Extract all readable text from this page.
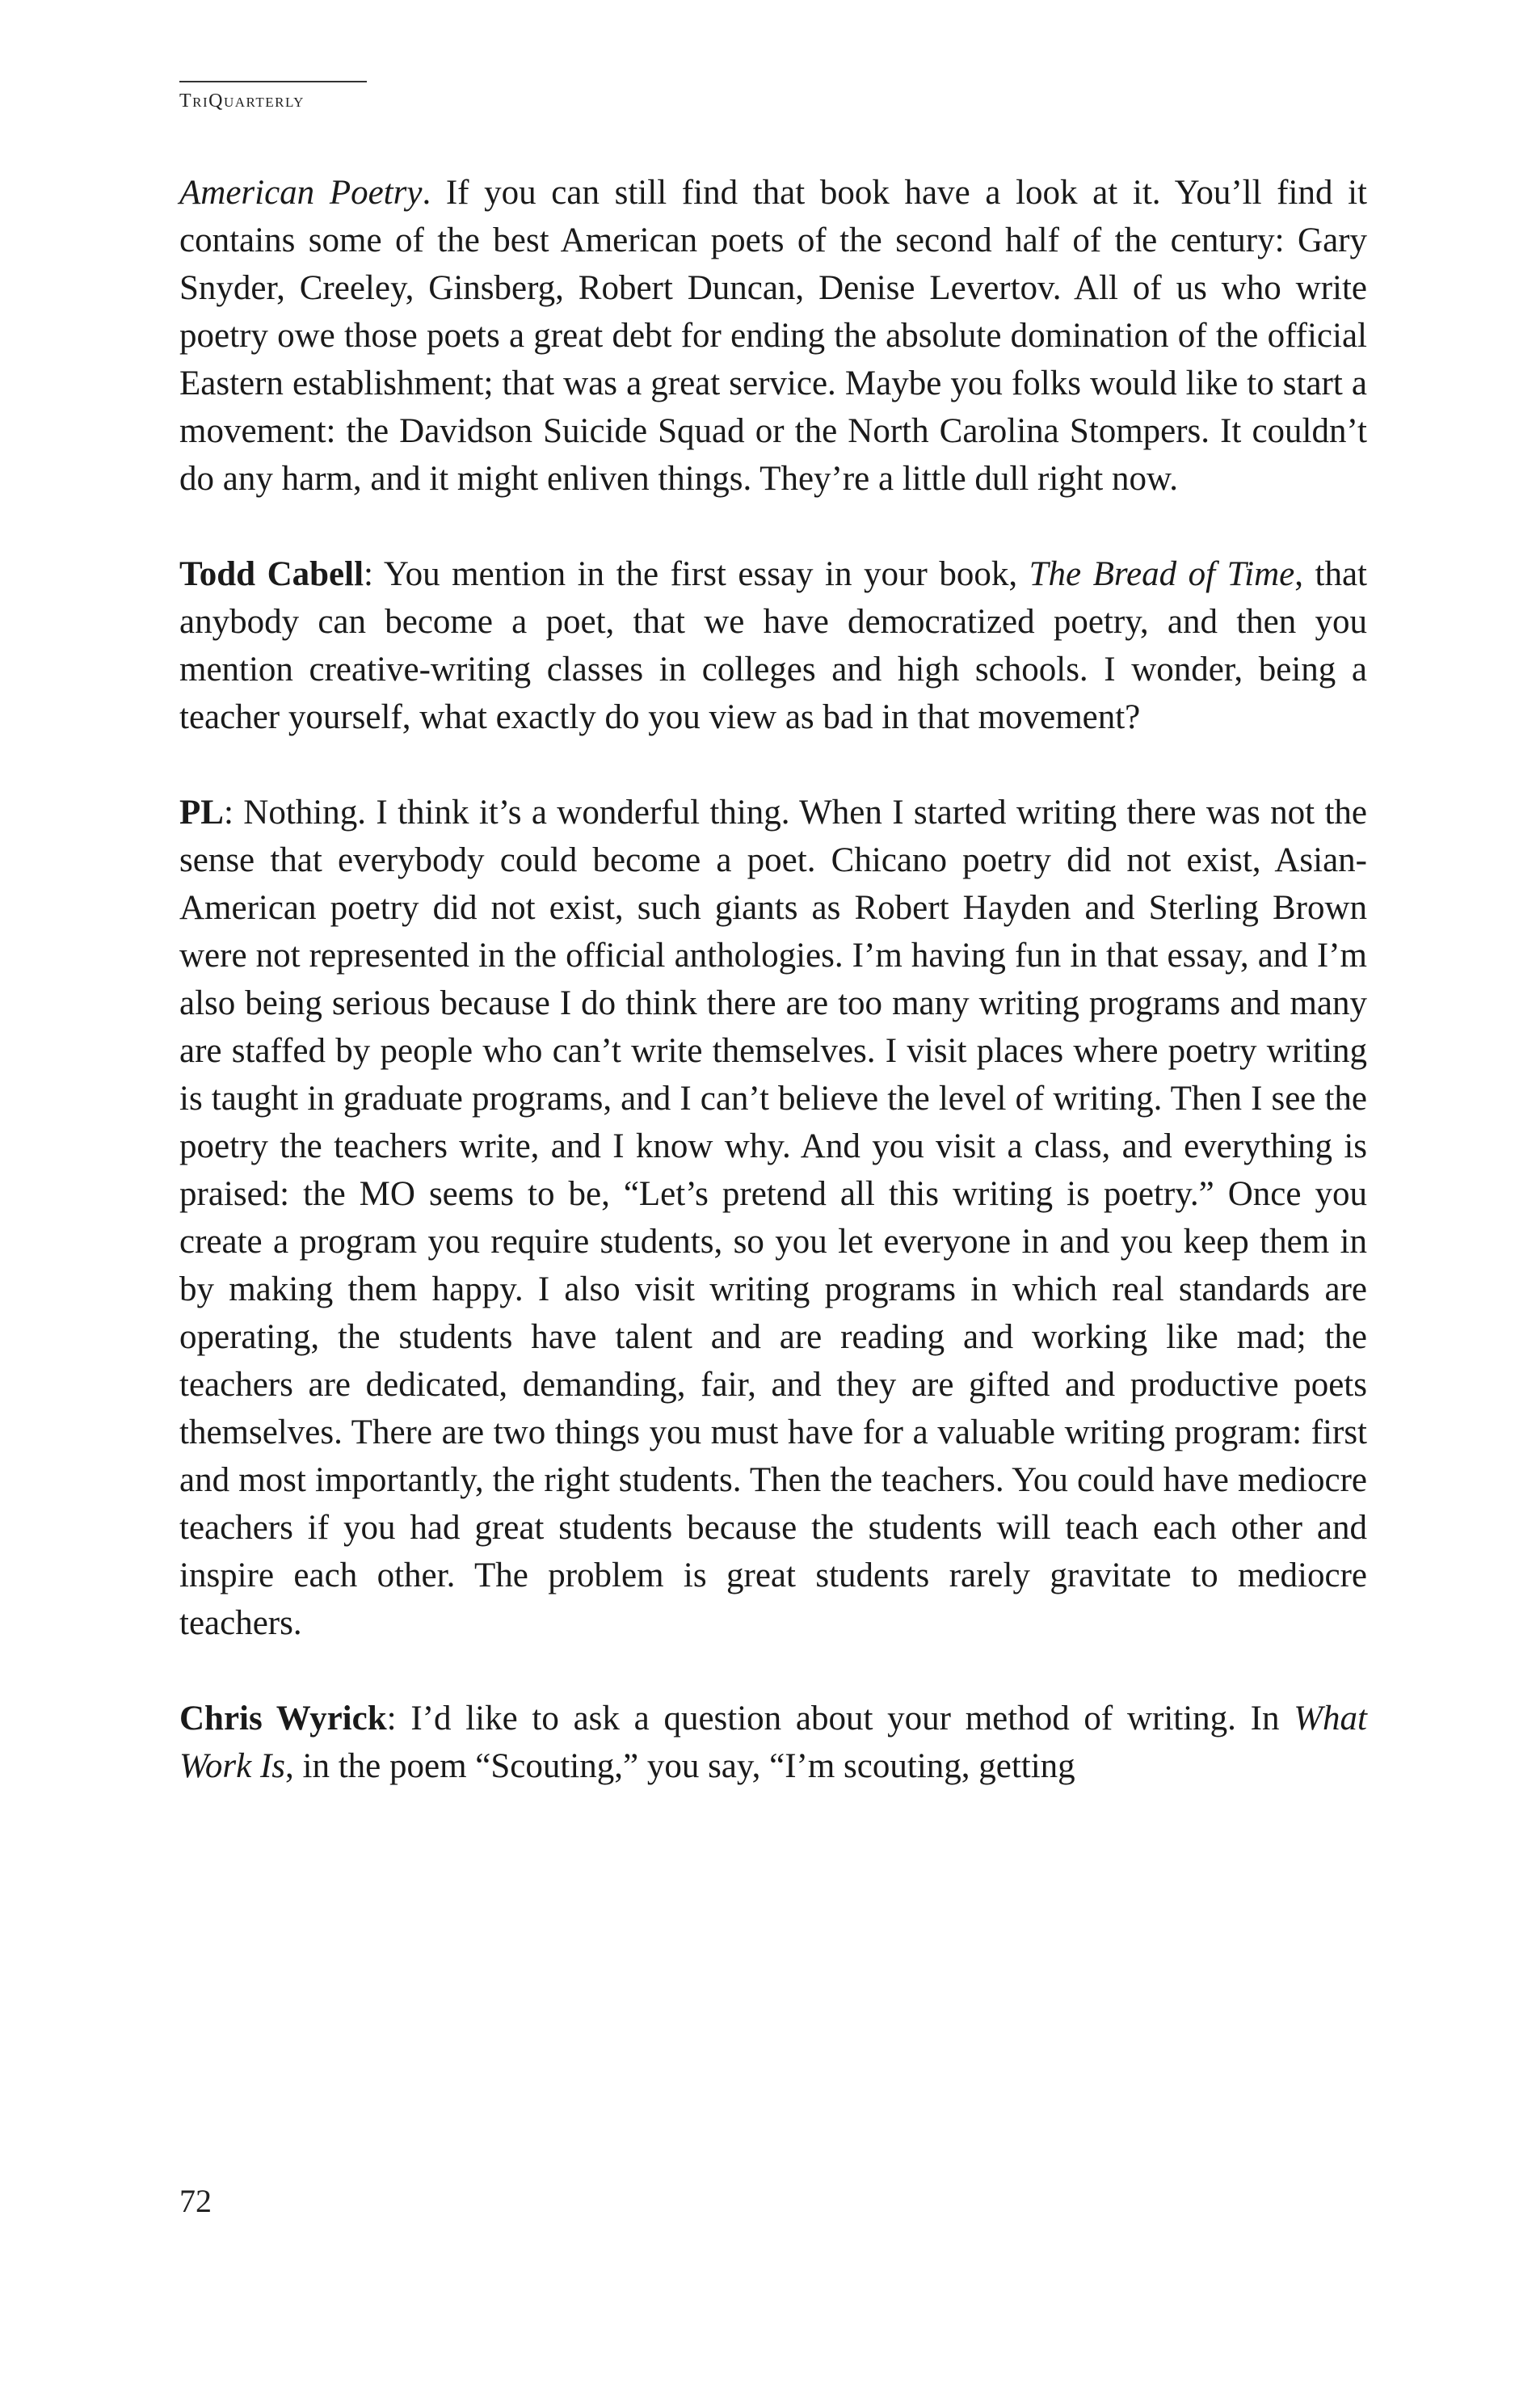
TriQuarterly

American Poetry. If you can still find that book have a look at it. You’ll find it contains some of the best American poets of the second half of the century: Gary Snyder, Creeley, Ginsberg, Robert Duncan, Denise Levertov. All of us who write poetry owe those poets a great debt for ending the absolute domination of the official Eastern establishment; that was a great service. Maybe you folks would like to start a movement: the Davidson Suicide Squad or the North Carolina Stompers. It couldn’t do any harm, and it might enliven things. They’re a little dull right now.

Todd Cabell: You mention in the first essay in your book, The Bread of Time, that anybody can become a poet, that we have democratized poetry, and then you mention creative-writing classes in colleges and high schools. I wonder, being a teacher yourself, what exactly do you view as bad in that movement?

PL: Nothing. I think it’s a wonderful thing. When I started writing there was not the sense that everybody could become a poet. Chicano poetry did not exist, Asian-American poetry did not exist, such giants as Robert Hayden and Sterling Brown were not represented in the official anthologies. I’m having fun in that essay, and I’m also being serious because I do think there are too many writing programs and many are staffed by people who can’t write themselves. I visit places where poetry writing is taught in graduate programs, and I can’t believe the level of writing. Then I see the poetry the teachers write, and I know why. And you visit a class, and everything is praised: the MO seems to be, “Let’s pretend all this writing is poetry.” Once you create a program you require students, so you let everyone in and you keep them in by making them happy. I also visit writing programs in which real standards are operating, the students have talent and are reading and working like mad; the teachers are dedicated, demanding, fair, and they are gifted and productive poets themselves. There are two things you must have for a valuable writing program: first and most importantly, the right students. Then the teachers. You could have mediocre teachers if you had great students because the students will teach each other and inspire each other. The problem is great students rarely gravitate to mediocre teachers.

Chris Wyrick: I’d like to ask a question about your method of writing. In What Work Is, in the poem “Scouting,” you say, “I’m scouting, getting

72
